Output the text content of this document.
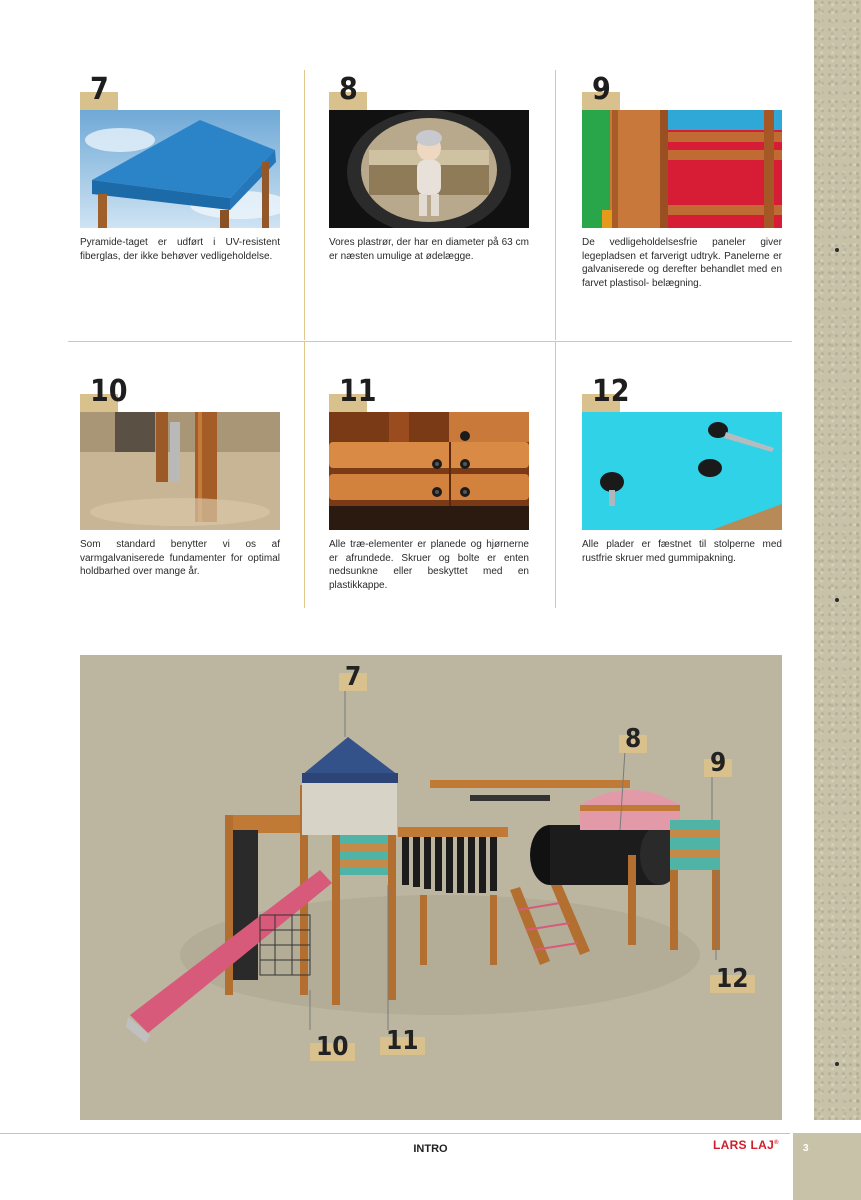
7
Pyramide-taget er udført i UV-resistent fiberglas, der ikke behøver vedligeholdelse.
8
Vores plastrør, der har en diameter på 63 cm er næsten umulige at ødelægge.
9
De vedligeholdelsesfrie paneler giver legepladsen et farverigt udtryk. Panelerne er galvaniserede og derefter behandlet med en farvet plastisol- belægning.
10
Som standard benytter vi os af varmgalvaniserede fundamenter for optimal holdbarhed over mange år.
11
Alle træ-elementer er planede og hjørnerne er afrundede. Skruer og bolte er enten nedsunkne eller beskyttet med en plastikkappe.
12
Alle plader er fæstnet til stolperne med rustfrie skruer med gummipakning.
7
8
9
10 11
12
INTRO	LARS LAJ® 3
